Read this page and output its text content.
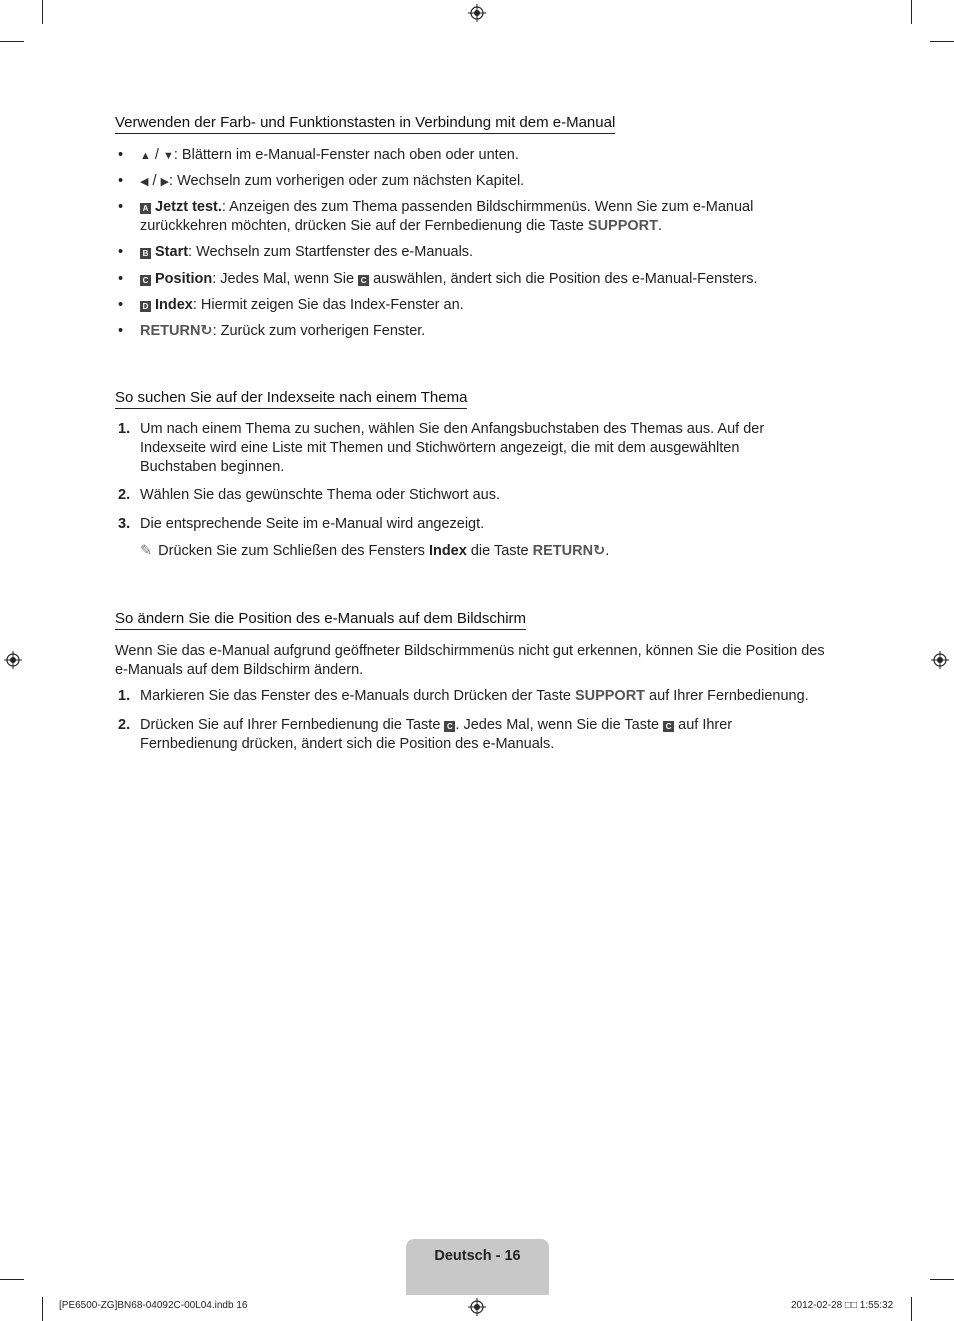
Verwenden der Farb- und Funktionstasten in Verbindung mit dem e-Manual
•	▲ / ▼: Blättern im e-Manual-Fenster nach oben oder unten.
•	◀ / ▶: Wechseln zum vorherigen oder zum nächsten Kapitel.
•	A Jetzt test.: Anzeigen des zum Thema passenden Bildschirmmenüs. Wenn Sie zum e-Manual zurückkehren möchten, drücken Sie auf der Fernbedienung die Taste SUPPORT.
•	B Start: Wechseln zum Startfenster des e-Manuals.
•	C Position: Jedes Mal, wenn Sie C auswählen, ändert sich die Position des e-Manual-Fensters.
•	D Index: Hiermit zeigen Sie das Index-Fenster an.
•	RETURN↻: Zurück zum vorherigen Fenster.
So suchen Sie auf der Indexseite nach einem Thema
1. Um nach einem Thema zu suchen, wählen Sie den Anfangsbuchstaben des Themas aus. Auf der Indexseite wird eine Liste mit Themen und Stichwörtern angezeigt, die mit dem ausgewählten Buchstaben beginnen.
2. Wählen Sie das gewünschte Thema oder Stichwort aus.
3. Die entsprechende Seite im e-Manual wird angezeigt.
✎ Drücken Sie zum Schließen des Fensters Index die Taste RETURN↻.
So ändern Sie die Position des e-Manuals auf dem Bildschirm
Wenn Sie das e-Manual aufgrund geöffneter Bildschirmmenüs nicht gut erkennen, können Sie die Position des e-Manuals auf dem Bildschirm ändern.
1. Markieren Sie das Fenster des e-Manuals durch Drücken der Taste SUPPORT auf Ihrer Fernbedienung.
2. Drücken Sie auf Ihrer Fernbedienung die Taste C . Jedes Mal, wenn Sie die Taste C auf Ihrer Fernbedienung drücken, ändert sich die Position des e-Manuals.
Deutsch - 16
[PE6500-ZG]BN68-04092C-00L04.indb 16	2012-02-28 □□ 1:55:32
